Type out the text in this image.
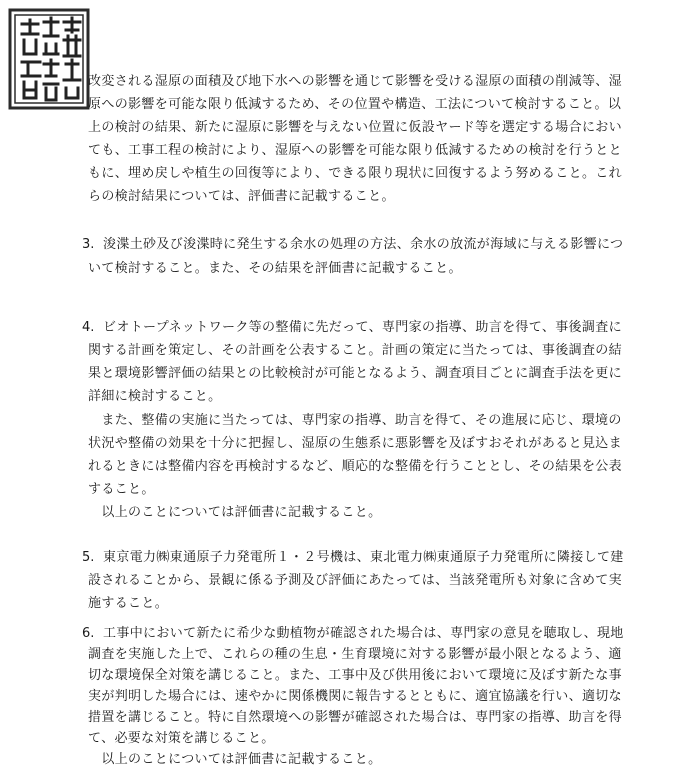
改変される湿原の面積及び地下水への影響を通じて影響を受ける湿原の面積の削減等、湿
原への影響を可能な限り低減するため、その位置や構造、工法について検討すること。以
上の検討の結果、新たに湿原に影響を与えない位置に仮設ヤード等を選定する場合におい
ても、工事工程の検討により、湿原への影響を可能な限り低減するための検討を行うとと
もに、埋め戻しや植生の回復等により、できる限り現状に回復するよう努めること。これ
らの検討結果については、評価書に記載すること。
3. 浚渫土砂及び浚渫時に発生する余水の処理の方法、余水の放流が海域に与える影響につ
いて検討すること。また、その結果を評価書に記載すること。
4. ビオトープネットワーク等の整備に先だって、専門家の指導、助言を得て、事後調査に
関する計画を策定し、その計画を公表すること。計画の策定に当たっては、事後調査の結
果と環境影響評価の結果との比較検討が可能となるよう、調査項目ごとに調査手法を更に
詳細に検討すること。
　また、整備の実施に当たっては、専門家の指導、助言を得て、その進展に応じ、環境の
状況や整備の効果を十分に把握し、湿原の生態系に悪影響を及ぼすおそれがあると見込ま
れるときには整備内容を再検討するなど、順応的な整備を行うこととし、その結果を公表
すること。
　以上のことについては評価書に記載すること。
5. 東京電力㈱東通原子力発電所１・２号機は、東北電力㈱東通原子力発電所に隣接して建
設されることから、景観に係る予測及び評価にあたっては、当該発電所も対象に含めて実
施すること。
6. 工事中において新たに希少な動植物が確認された場合は、専門家の意見を聴取し、現地
調査を実施した上で、これらの種の生息・生育環境に対する影響が最小限となるよう、適
切な環境保全対策を講じること。また、工事中及び供用後において環境に及ぼす新たな事
実が判明した場合には、速やかに関係機関に報告するとともに、適宜協議を行い、適切な
措置を講じること。特に自然環境への影響が確認された場合は、専門家の指導、助言を得
て、必要な対策を講じること。
　以上のことについては評価書に記載すること。
